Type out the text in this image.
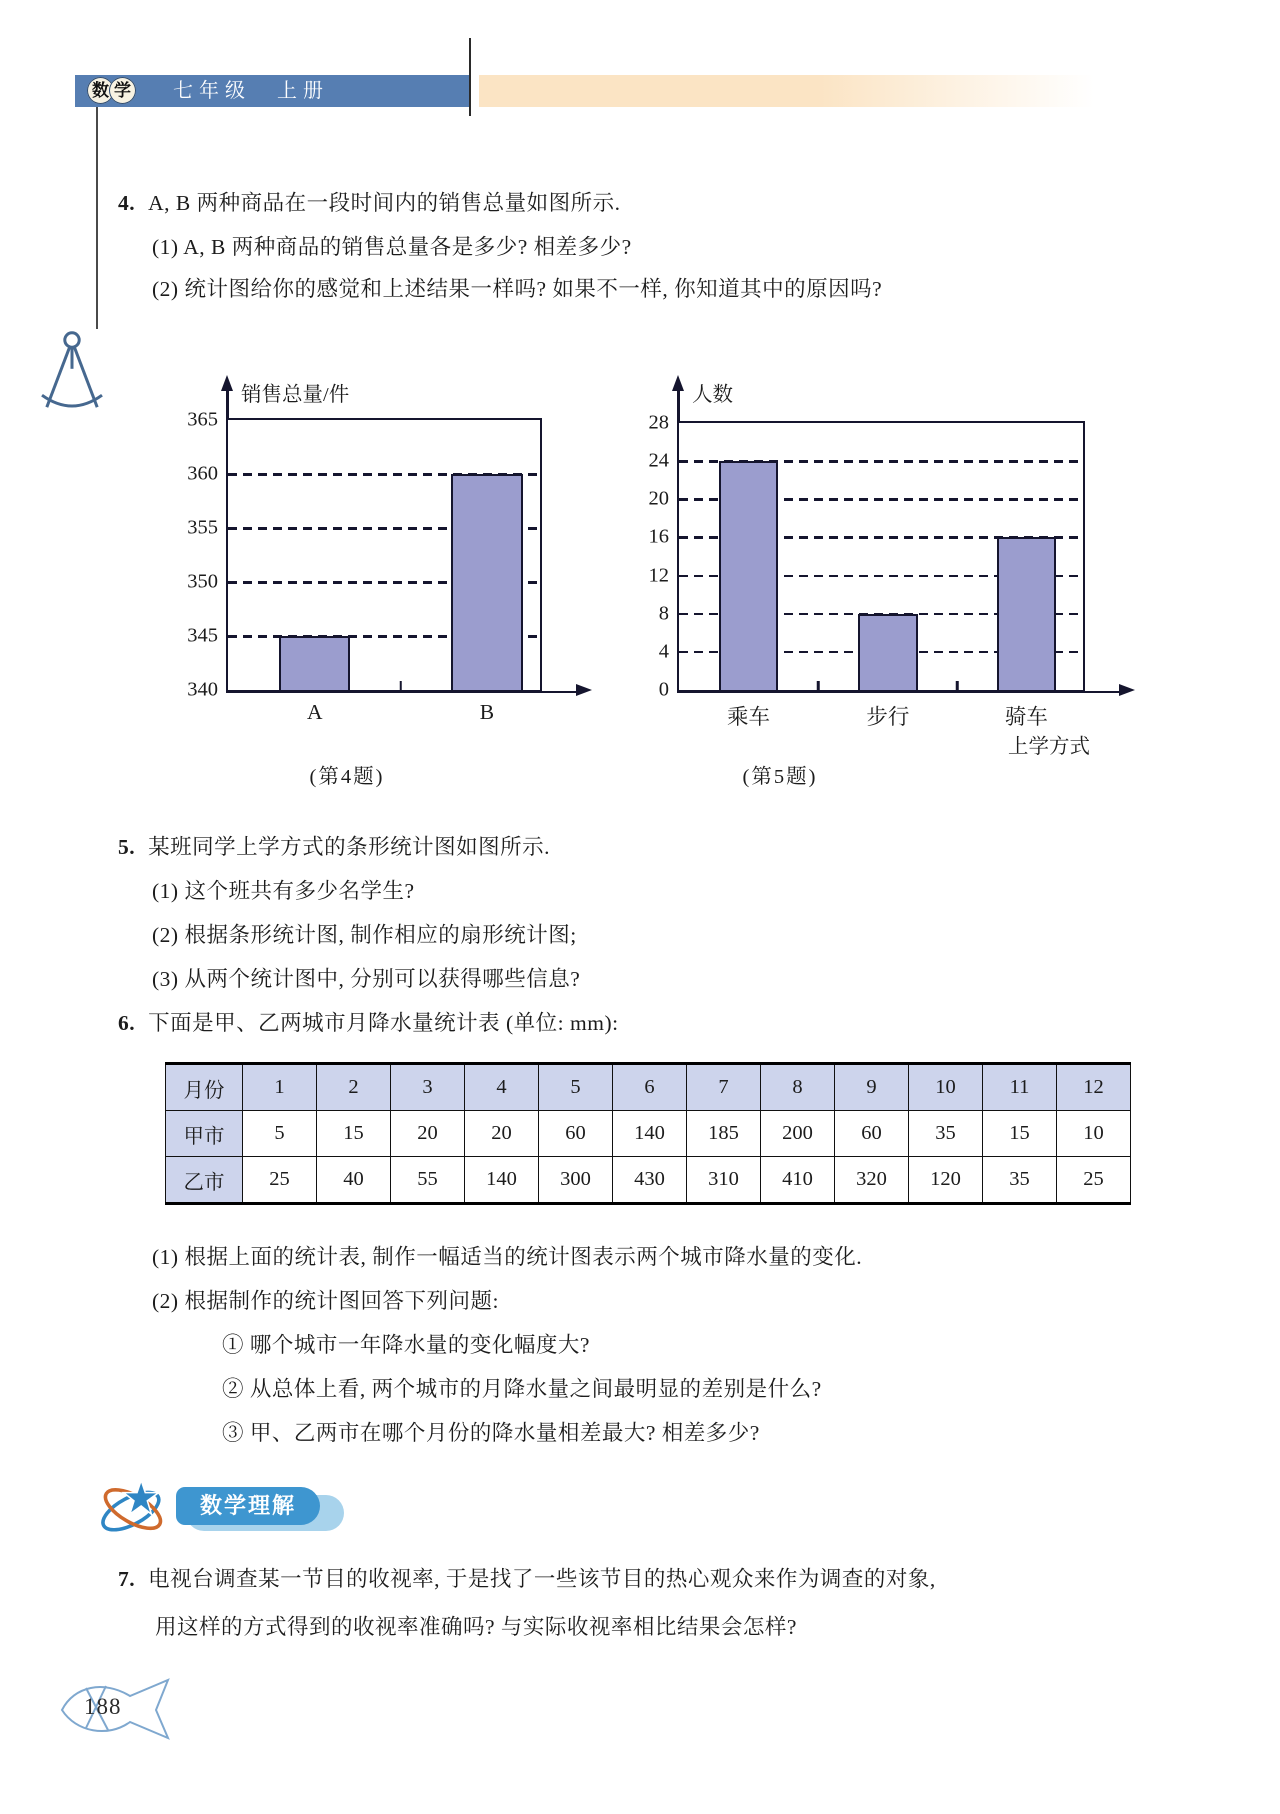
数 学 七年级　上册
4. A, B 两种商品在一段时间内的销售总量如图所示.
(1) A, B 两种商品的销售总量各是多少? 相差多少?
(2) 统计图给你的感觉和上述结果一样吗? 如果不一样, 你知道其中的原因吗?
销售总量/件
340
345
350
355
360
365
A	B
(第4题)
人数
0
4
8
12
16
20
24
28
乘车	步行	骑车
上学方式
(第5题)
5. 某班同学上学方式的条形统计图如图所示.
(1) 这个班共有多少名学生?
(2) 根据条形统计图, 制作相应的扇形统计图;
(3) 从两个统计图中, 分别可以获得哪些信息?
6. 下面是甲、乙两城市月降水量统计表 (单位: mm):
月份	1	2	3	4	5	6	7	8	9	10	11	12
甲市	5	15	20	20	60	140	185	200	60	35	15	10
乙市	25	40	55	140	300	430	310	410	320	120	35	25
(1) 根据上面的统计表, 制作一幅适当的统计图表示两个城市降水量的变化.
(2) 根据制作的统计图回答下列问题:
① 哪个城市一年降水量的变化幅度大?
② 从总体上看, 两个城市的月降水量之间最明显的差别是什么?
③ 甲、乙两市在哪个月份的降水量相差最大? 相差多少?
数学理解
7. 电视台调查某一节目的收视率, 于是找了一些该节目的热心观众来作为调查的对象,
用这样的方式得到的收视率准确吗? 与实际收视率相比结果会怎样?
188
